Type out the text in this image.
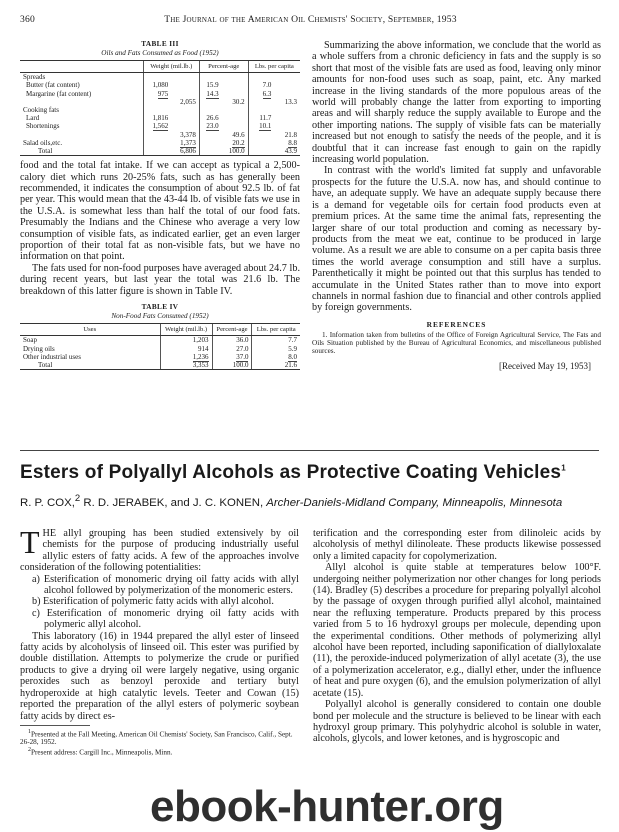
360	The Journal of the American Oil Chemists' Society, September, 1953

TABLE III

Oils and Fats Consumed as Food (1952)

	Weight (mil.lb.)		Percent-age		Lbs. per capita	
Spreads						
Butter (fat content)	1,080		15.9		7.0	
Margarine (fat content)	975		14.3		6.3	
		2,055		30.2		13.3
Cooking fats						
Lard	1,816		26.6		11.7	
Shortenings	1,562		23.0		10.1	
		3,378		49.6		21.8
Salad oils,etc.		1,373		20.2		8.8
Total		6,806		100.0		43.9

food and the total fat intake. If we can accept as typical a 2,500-calory diet which runs 20-25% fats, such as has generally been recommended, it indicates the consumption of about 92.5 lb. of fat per year. This would mean that the 43-44 lb. of visible fats we use in the U.S.A. is somewhat less than half the total of our food fats. Presumably the Indians and the Chinese who average a very low consumption of visible fats, as indicated earlier, get an even larger proportion of their total fat as non-visible fats, but we have no information on that point.

The fats used for non-food purposes have averaged about 24.7 lb. during recent years, but last year the total was 21.6 lb. The breakdown of this latter figure is shown in Table IV.

TABLE IV

Non-Food Fats Consumed (1952)

Uses	Weight (mil.lb.)	Percent-age	Lbs. per capita
Soap	1,203	36.0	7.7
Drying oils	914	27.0	5.9
Other industrial uses	1,236	37.0	8.0
Total	3,353	100.0	21.6

Summarizing the above information, we conclude that the world as a whole suffers from a chronic deficiency in fats and the supply is so short that most of the visible fats are used as food, leaving only minor amounts for non-food uses such as soap, paint, etc. Any marked increase in the living standards of the more populous areas of the world will probably change the latter from exporting to importing areas and will sharply reduce the supply available to Europe and the other importing nations. The supply of visible fats can be materially increased but not enough to satisfy the needs of the people, and it is doubtful that it can increase fast enough to gain on the rapidly increasing world population.

In contrast with the world's limited fat supply and unfavorable prospects for the future the U.S.A. now has, and should continue to have, an adequate supply. We have an adequate supply because there is a demand for vegetable oils for certain food products even at premium prices. At the same time the animal fats, representing the larger share of our total production and coming as necessary by-products from the meat we eat, continue to be produced in large volume. As a result we are able to consume on a per capita basis three times the world average consumption and still have a surplus. Parenthetically it might be pointed out that this surplus has tended to accumulate in the United States rather than to move into export channels in normal fashion due to financial and other controls applied by foreign governments.

REFERENCES

1. Information taken from bulletins of the Office of Foreign Agricultural Service, The Fats and Oils Situation published by the Bureau of Agricultural Economics, and miscellaneous published sources.

[Received May 19, 1953]
Esters of Polyallyl Alcohols as Protective Coating Vehicles$^1$
R. P. COX,$^2$ R. D. JERABEK, and J. C. KONEN, Archer-Daniels-Midland Company, Minneapolis, Minnesota

THE allyl grouping has been studied extensively by oil chemists for the purpose of producing industrially useful allylic esters of fatty acids. A few of the approaches involve consideration of the following potentialities:

a) Esterification of monomeric drying oil fatty acids with allyl alcohol followed by polymerization of the monomeric esters.

b) Esterification of polymeric fatty acids with allyl alcohol.

c) Esterification of monomeric drying oil fatty acids with polymeric allyl alcohol.

This laboratory (16) in 1944 prepared the allyl ester of linseed fatty acids by alcoholysis of linseed oil. This ester was purified by double distillation. Attempts to polymerize the crude or purified products to give a drying oil were largely negative, using organic peroxides such as benzoyl peroxide and tertiary butyl hydroperoxide at high catalytic levels. Teeter and Cowan (15) reported the preparation of the allyl esters of polymeric soybean fatty acids by direct es-

$^1$Presented at the Fall Meeting, American Oil Chemists' Society, San Francisco, Calif., Sept. 26-28, 1952.

$^2$Present address: Cargill Inc., Minneapolis, Minn.

terification and the corresponding ester from dilinoleic acids by alcoholysis of methyl dilinoleate. These products likewise possessed only a limited capacity for copolymerization.

Allyl alcohol is quite stable at temperatures below 100°F. undergoing neither polymerization nor other changes for long periods (14). Bradley (5) describes a procedure for preparing polyallyl alcohol by the passage of oxygen through purified allyl alcohol, maintained near the refluxing temperature. Products prepared by this process varied from 5 to 16 hydroxyl groups per molecule, depending upon the experimental conditions. Other methods of polymerizing allyl alcohol have been reported, including saponification of diallyloxalate (11), the peroxide-induced polymerization of allyl acetate (3), the use of a polymerization accelerator, e.g., diallyl ether, under the influence of heat and pure oxygen (6), and the emulsion polymerization of allyl acetate (15).

Polyallyl alcohol is generally considered to contain one double bond per molecule and the structure is believed to be linear with each hydroxyl group primary. This polyhydric alcohol is soluble in water, alcohols, glycols, and lower ketones, and is hygroscopic and

ebook-hunter.org
